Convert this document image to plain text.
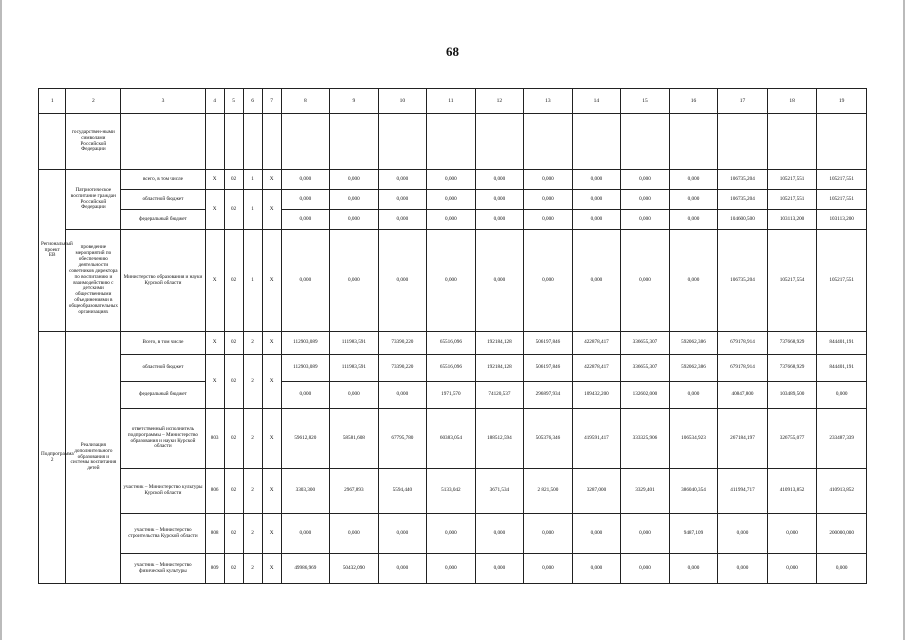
68
1	2	3	4	5	6	7	8	9	10	11	12	13	14	15	16	17	18	19
	государствен-ными символами Российской Федерации																	
Региональный проект ЕВ	Патриотическое воспитание граждан Российской Федерации	всего, в том числе	Х	02	1	Х	0,000	0,000	0,000	0,000	0,000	0,000	0,000	0,000	0,000	106735,204	105217,551	105217,551
		областной бюджет	Х	02	1	Х	0,000	0,000	0,000	0,000	0,000	0,000	0,000	0,000	0,000	106735,204	105217,551	105217,551
		федеральный бюджет					0,000	0,000	0,000	0,000	0,000	0,000	0,000	0,000	0,000	104600,500	103113,200	103113,200
	проведение мероприятий по обеспечению деятельности советников директора по воспитанию и взаимодействию с детскими общественными объединениями в общеобразовательных организациях	Министерство образования и науки Курской области	Х	02	1	Х	0,000	0,000	0,000	0,000	0,000	0,000	0,000	0,000	0,000	106735,204	105217,554	105217,551
Подпрограмма 2	Реализация дополнительного образования и системы воспитания детей	Всего, в том числе	Х	02	2	Х	112903,089	111983,591	73390,220	65516,096	192184,128	506197,846	422878,417	336655,307	592062,386	679178,914	737668,929	844401,191
		областной бюджет	Х	02	2	Х	112903,089	111983,591	73390,220	65516,096	192184,128	506197,846	422878,417	336655,307	592062,386	679178,914	737668,929	844401,191
		федеральный бюджет					0,000	0,000	0,000	1971,570	74120,537	296897,934	109432,200	132602,000	0,000	40847,800	103489,500	0,000
		ответственный исполнитель подпрограммы – Министерство образования и науки Курской области	803	02	2	Х	59612,820	58581,608	67795,780	60383,054	188512,594	505376,346	419591,417	333325,906	106534,923	267184,197	326755,077	233487,339
		участник – Министерство культуры Курской области	806	02	2	Х	3303,300	2967,893	5594,440	5133,042	3671,534	2 821,500	3287,000	3329,401	386040,354	411994,717	410913,852	410913,852
		участник – Министерство строительства Курской области	808	02	2	Х	0,000	0,000	0,000	0,000	0,000	0,000	0,000	0,000	9487,109	0,000	0,000	200000,000
		участник – Министерство физической культуры	809	02	2	Х	49986,969	50432,090	0,000	0,000	0,000	0,000	0,000	0,000	0,000	0,000	0,000	0,000
